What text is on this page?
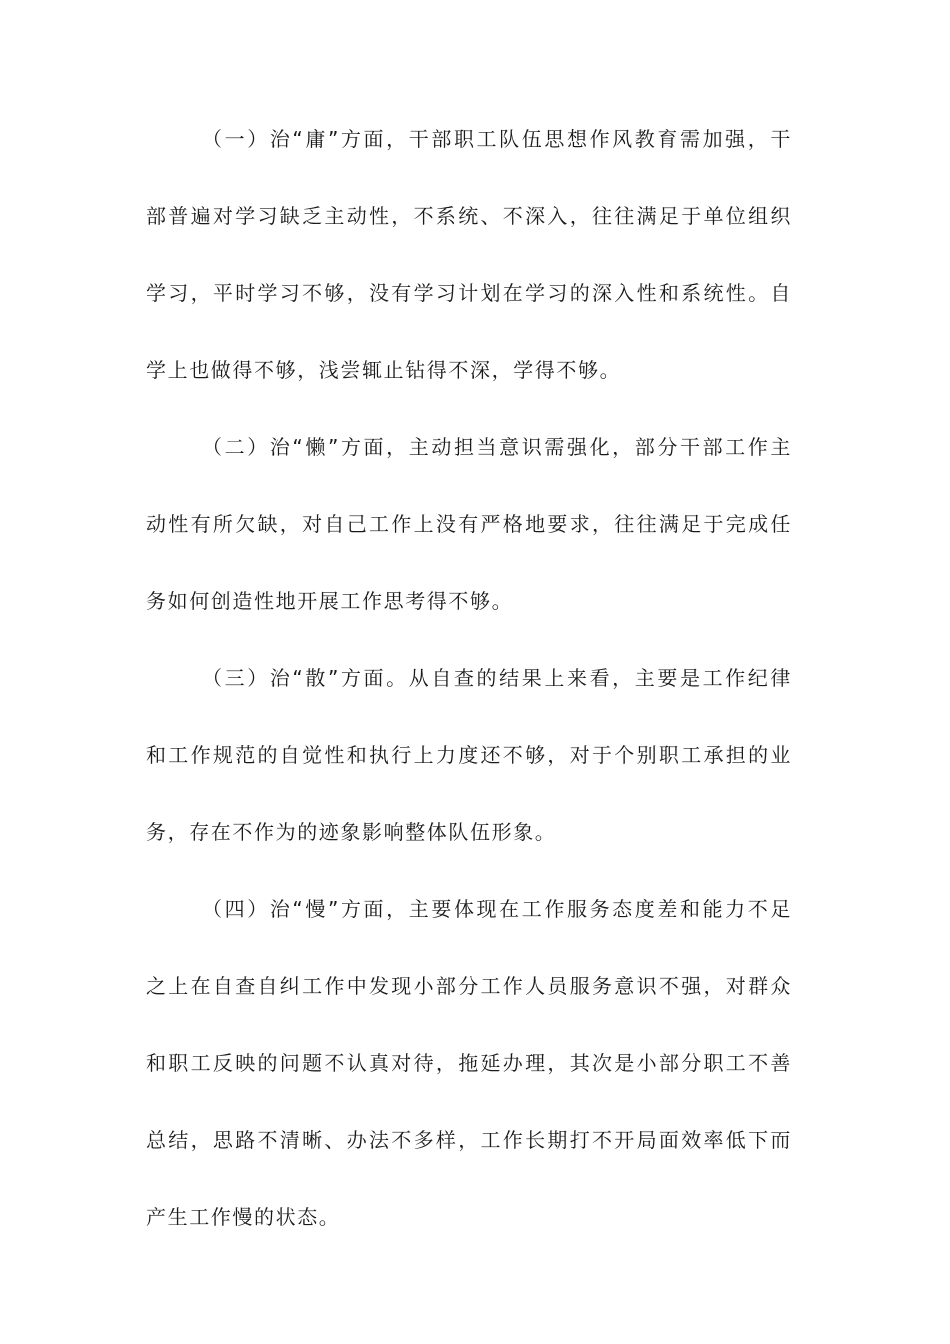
（一）治“庸”方面，干部职工队伍思想作风教育需加强，干
部普遍对学习缺乏主动性，不系统、不深入，往往满足于单位组织
学习，平时学习不够，没有学习计划在学习的深入性和系统性。自
学上也做得不够，浅尝辄止钻得不深，学得不够。
（二）治“懒”方面，主动担当意识需强化，部分干部工作主
动性有所欠缺，对自己工作上没有严格地要求，往往满足于完成任
务如何创造性地开展工作思考得不够。
（三）治“散”方面。从自查的结果上来看，主要是工作纪律
和工作规范的自觉性和执行上力度还不够，对于个别职工承担的业
务，存在不作为的迹象影响整体队伍形象。
（四）治“慢”方面，主要体现在工作服务态度差和能力不足
之上在自查自纠工作中发现小部分工作人员服务意识不强，对群众
和职工反映的问题不认真对待，拖延办理，其次是小部分职工不善
总结，思路不清晰、办法不多样，工作长期打不开局面效率低下而
产生工作慢的状态。
